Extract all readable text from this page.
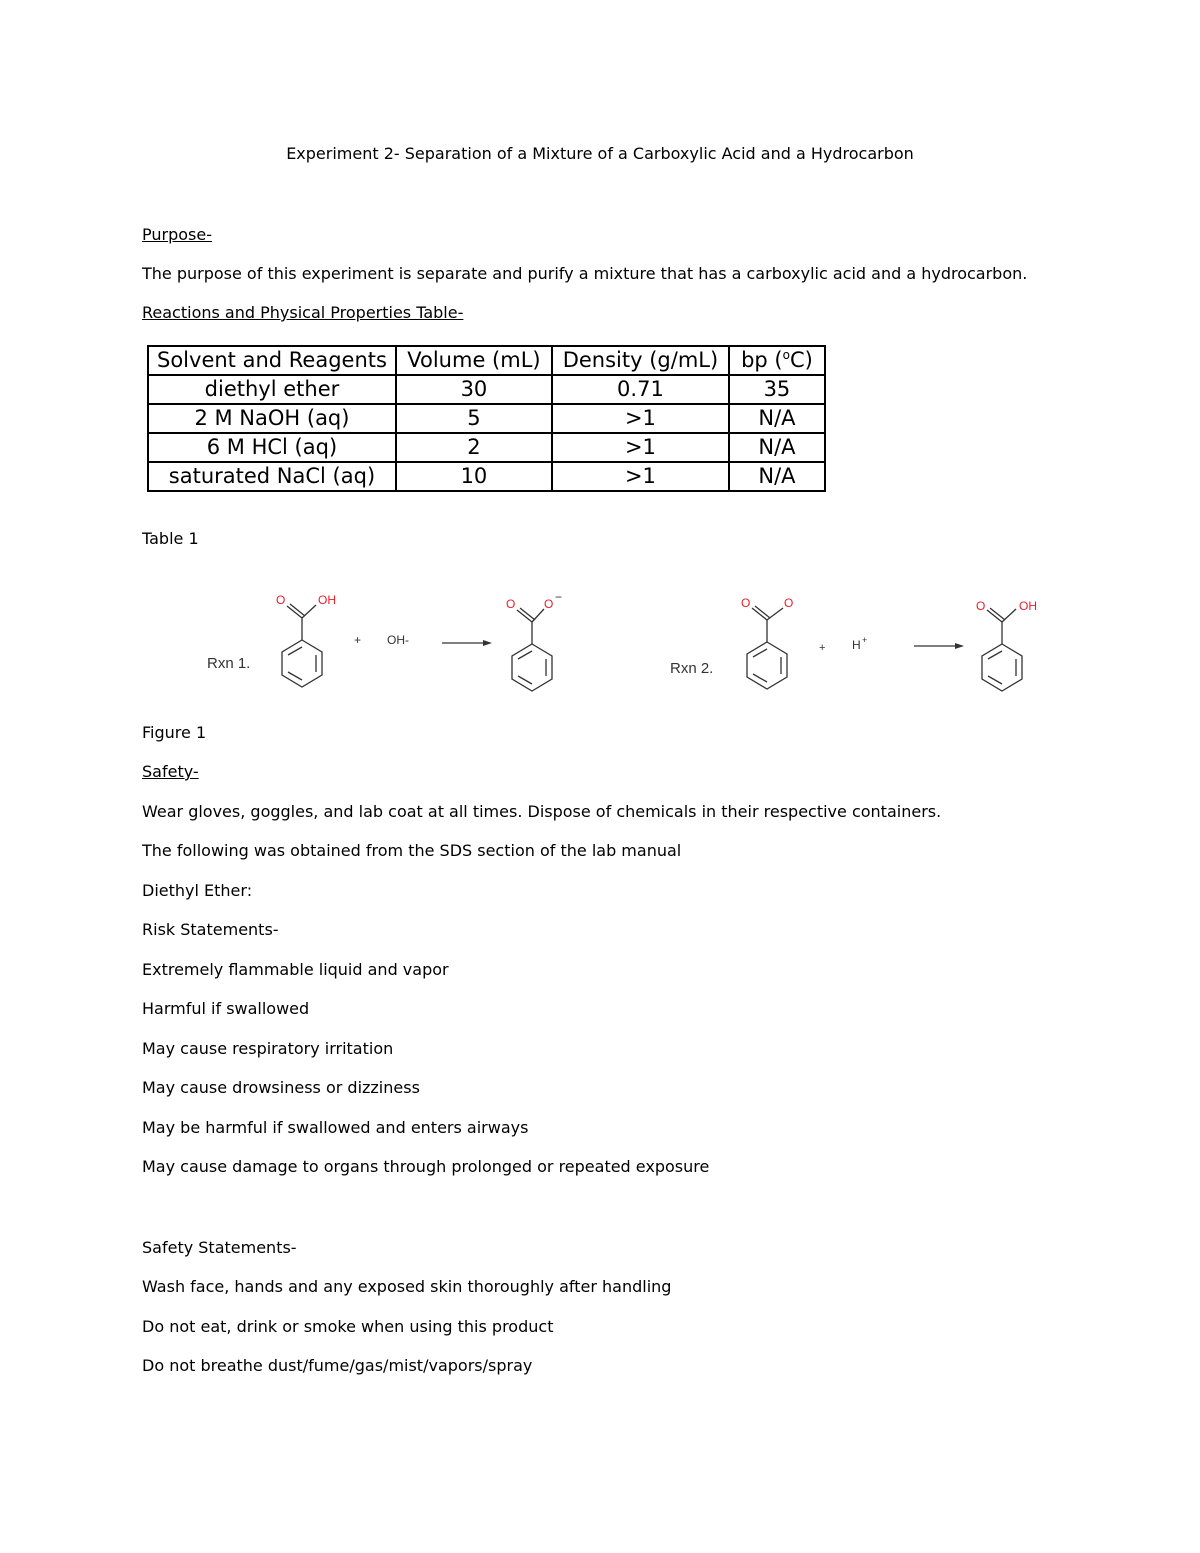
Experiment 2- Separation of a Mixture of a Carboxylic Acid and a Hydrocarbon
Purpose-
The purpose of this experiment is separate and purify a mixture that has a carboxylic acid and a hydrocarbon.
Reactions and Physical Properties Table-
Solvent and Reagents	Volume (mL)	Density (g/mL)	bp ($^o$C)
diethyl ether	30	0.71	35
2 M NaOH (aq)	5	>1	N/A
6 M HCl (aq)	2	>1	N/A
saturated NaCl (aq)	10	>1	N/A
Table 1
Rxn 1.
O	OH
+ OH-
O O −
Rxn 2.
O	O
+ H +
O	OH
Figure 1
Safety-
Wear gloves, goggles, and lab coat at all times. Dispose of chemicals in their respective containers.
The following was obtained from the SDS section of the lab manual
Diethyl Ether:
Risk Statements-
Extremely flammable liquid and vapor
Harmful if swallowed
May cause respiratory irritation
May cause drowsiness or dizziness
May be harmful if swallowed and enters airways
May cause damage to organs through prolonged or repeated exposure
Safety Statements-
Wash face, hands and any exposed skin thoroughly after handling
Do not eat, drink or smoke when using this product
Do not breathe dust/fume/gas/mist/vapors/spray
